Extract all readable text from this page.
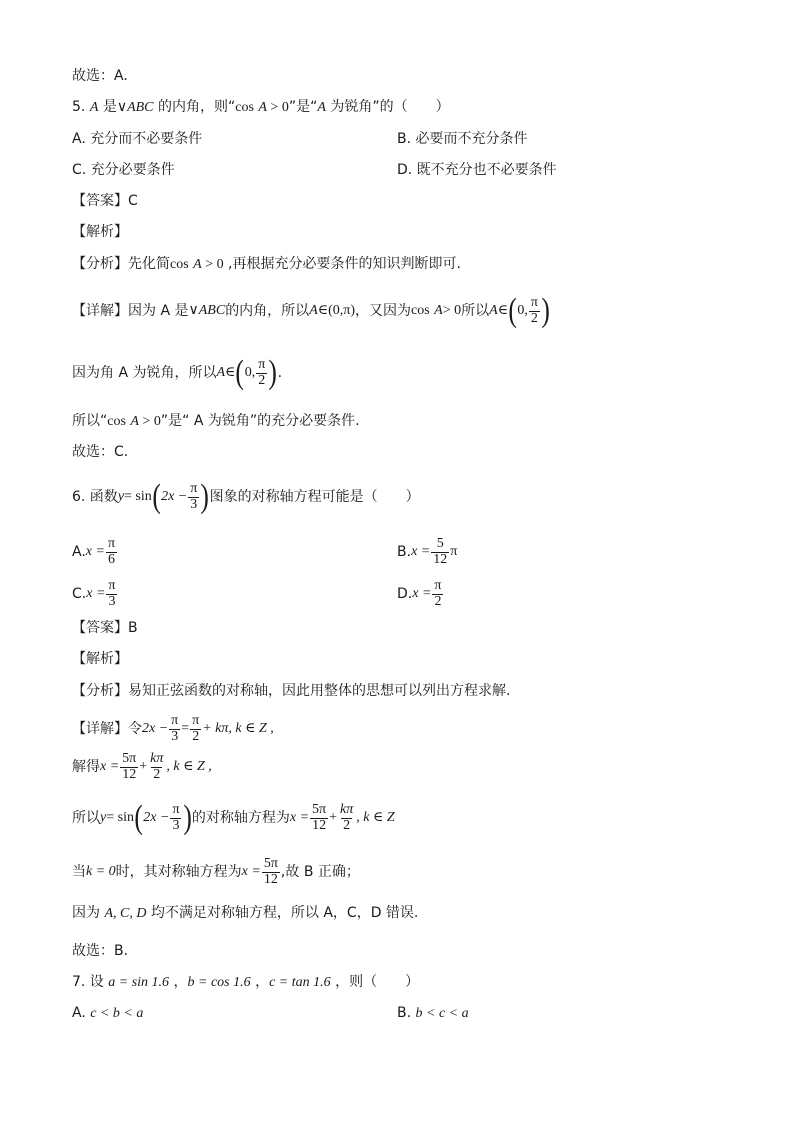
故选：A.
5. A 是∨ABC 的内角，则“cos A > 0”是“A 为锐角”的（　　）
A. 充分而不必要条件	B. 必要而不充分条件
C. 充分必要条件	D. 既不充分也不必要条件
【答案】C
【解析】
【分析】先化简cos A > 0 ,再根据充分必要条件的知识判断即可.
【详解】因为 A 是 ∨ ABC 的内角，所以 A ∈ (0,π) ，又因为 cos
A > 0 所以 A ∈ ( 0, $\frac{\pi}{2}$ )
因为角 A 为锐角，所以 A ∈ ( 0, $\frac{\pi}{2}$ ) .
所以“cos A > 0”是“ A 为锐角”的充分必要条件.
故选：C.
6. 函数 y = sin ( $2x - \frac{\pi}{3}$ ) 图象的对称轴方程可能是（　　）
A. $x = \frac{\pi}{6}$	B. $x = \frac{5}{12}$ π
C. $x = \frac{\pi}{3}$	D. $x = \frac{\pi}{2}$
【答案】B
【解析】
【分析】易知正弦函数的对称轴，因此用整体的思想可以列出方程求解.
【详解】令 $2x - \frac{\pi}{3} = \frac{\pi}{2} + k\pi$, k ∈ Z ,
解得 $x = \frac{5\pi}{12} + \frac{k\pi}{2}$ , k ∈ Z ,
所以 y = sin ( $2x - \frac{\pi}{3}$ ) 的对称轴方程为 $x = \frac{5\pi}{12} + \frac{k\pi}{2}$ , k ∈ Z
当 k = 0 时，其对称轴方程为 $x = \frac{5\pi}{12}$ ,故 B 正确；
因为 A, C, D 均不满足对称轴方程，所以 A，C，D 错误.
故选：B.
7. 设 a = sin 1.6 ，b = cos 1.6 ，c = tan 1.6 ，则（　　）
A. c < b < a	B. b < c < a
